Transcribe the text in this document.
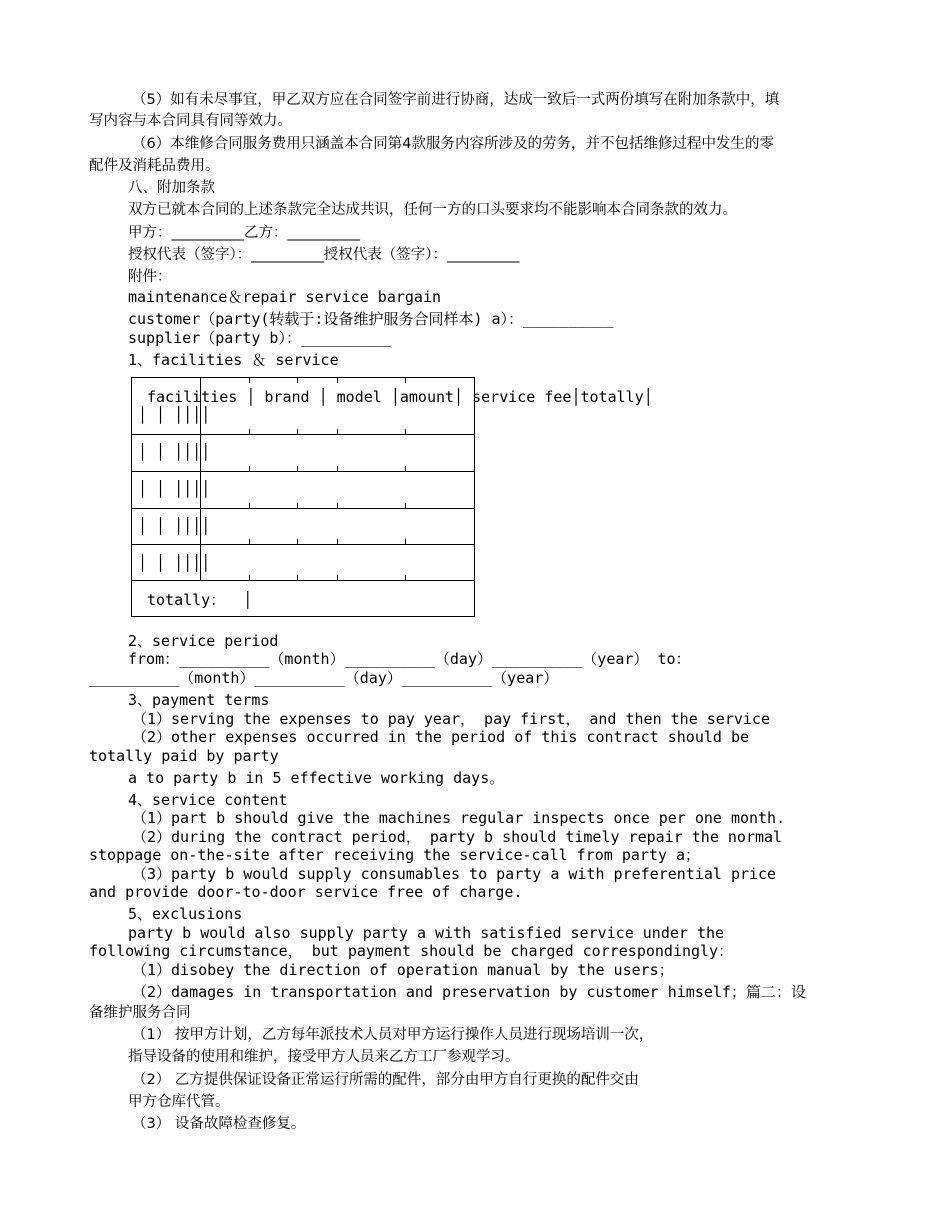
（5）如有未尽事宜，甲乙双方应在合同签字前进行协商，达成一致后一式两份填写在附加条款中，填
写内容与本合同具有同等效力。
（6）本维修合同服务费用只涵盖本合同第4款服务内容所涉及的劳务，并不包括维修过程中发生的零
配件及消耗品费用。
八、附加条款
双方已就本合同的上述条款完全达成共识，任何一方的口头要求均不能影响本合同条款的效力。
甲方：__________乙方：__________
授权代表（签字）：__________授权代表（签字）：__________
附件：
maintenance＆repair service bargain
customer（party(转载于:设备维护服务合同样本) a）：__________
supplier（party b）：__________
1、facilities ＆ service
facilities │ brand │ model │amount│ service fee│totally│
│ │ ││││
│ │ ││││
│ │ ││││
│ │ ││││
│ │ ││││
totally：  │
2、service period
from：__________（month）__________（day）__________（year） to：
__________（month）__________（day）__________（year）
3、payment terms
（1）serving the expenses to pay year， pay first， and then the service
（2）other expenses occurred in the period of this contract should be
totally paid by party
a to party b in 5 effective working days。
4、service content
（1）part b should give the machines regular inspects once per one month.
（2）during the contract period， party b should timely repair the normal
stoppage on-the-site after receiving the service-call from party a；
（3）party b would supply consumables to party a with preferential price
and provide door-to-door service free of charge.
5、exclusions
party b would also supply party a with satisfied service under the
following circumstance， but payment should be charged correspondingly：
（1）disobey the direction of operation manual by the users；
（2）damages in transportation and preservation by customer himself；篇二：设
备维护服务合同
（1） 按甲方计划，乙方每年派技术人员对甲方运行操作人员进行现场培训一次，
指导设备的使用和维护，接受甲方人员来乙方工厂参观学习。
（2） 乙方提供保证设备正常运行所需的配件，部分由甲方自行更换的配件交由
甲方仓库代管。
（3） 设备故障检查修复。
